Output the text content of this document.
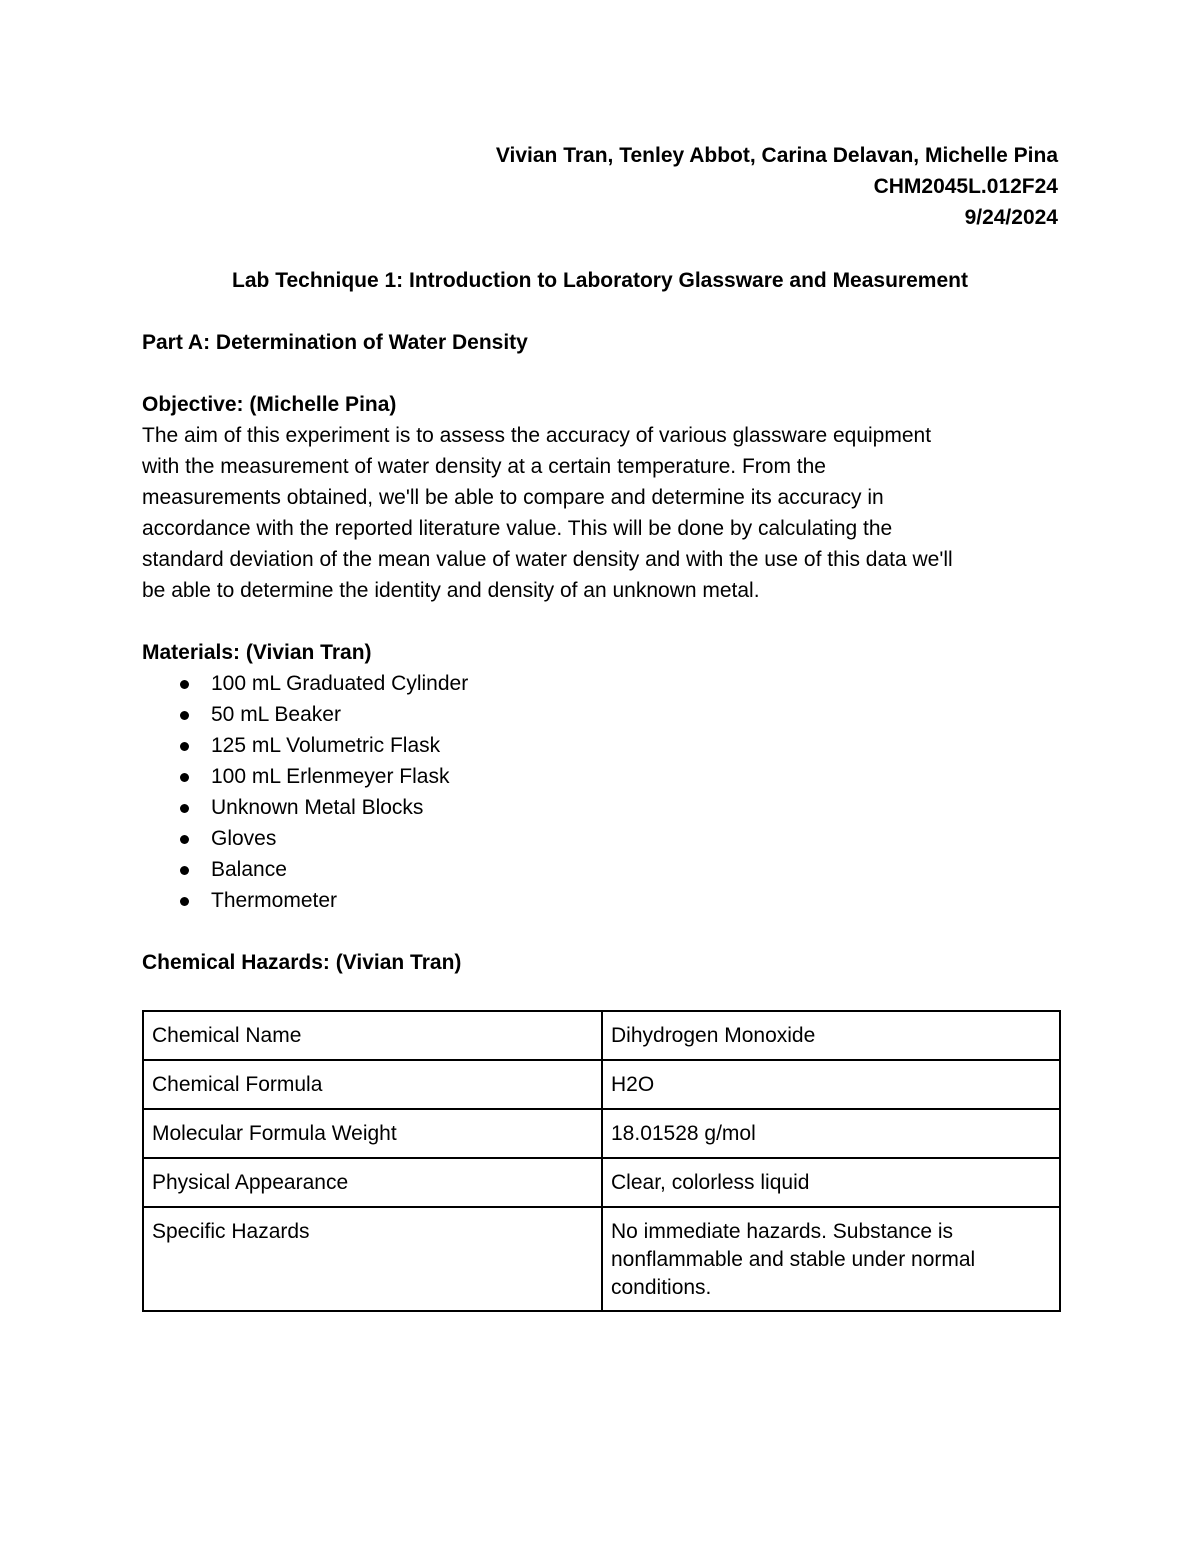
Vivian Tran, Tenley Abbot, Carina Delavan, Michelle Pina
CHM2045L.012F24
9/24/2024
Lab Technique 1: Introduction to Laboratory Glassware and Measurement

Part A: Determination of Water Density

Objective: (Michelle Pina)

The aim of this experiment is to assess the accuracy of various glassware equipment
with the measurement of water density at a certain temperature. From the
measurements obtained, we'll be able to compare and determine its accuracy in
accordance with the reported literature value. This will be done by calculating the
standard deviation of the mean value of water density and with the use of this data we'll
be able to determine the identity and density of an unknown metal.

Materials: (Vivian Tran)

100 mL Graduated Cylinder
50 mL Beaker
125 mL Volumetric Flask
100 mL Erlenmeyer Flask
Unknown Metal Blocks
Gloves
Balance
Thermometer

Chemical Hazards: (Vivian Tran)

Chemical Name	Dihydrogen Monoxide
Chemical Formula	H2O
Molecular Formula Weight	18.01528 g/mol
Physical Appearance	Clear, colorless liquid
Specific Hazards	No immediate hazards. Substance is nonflammable and stable under normal conditions.
